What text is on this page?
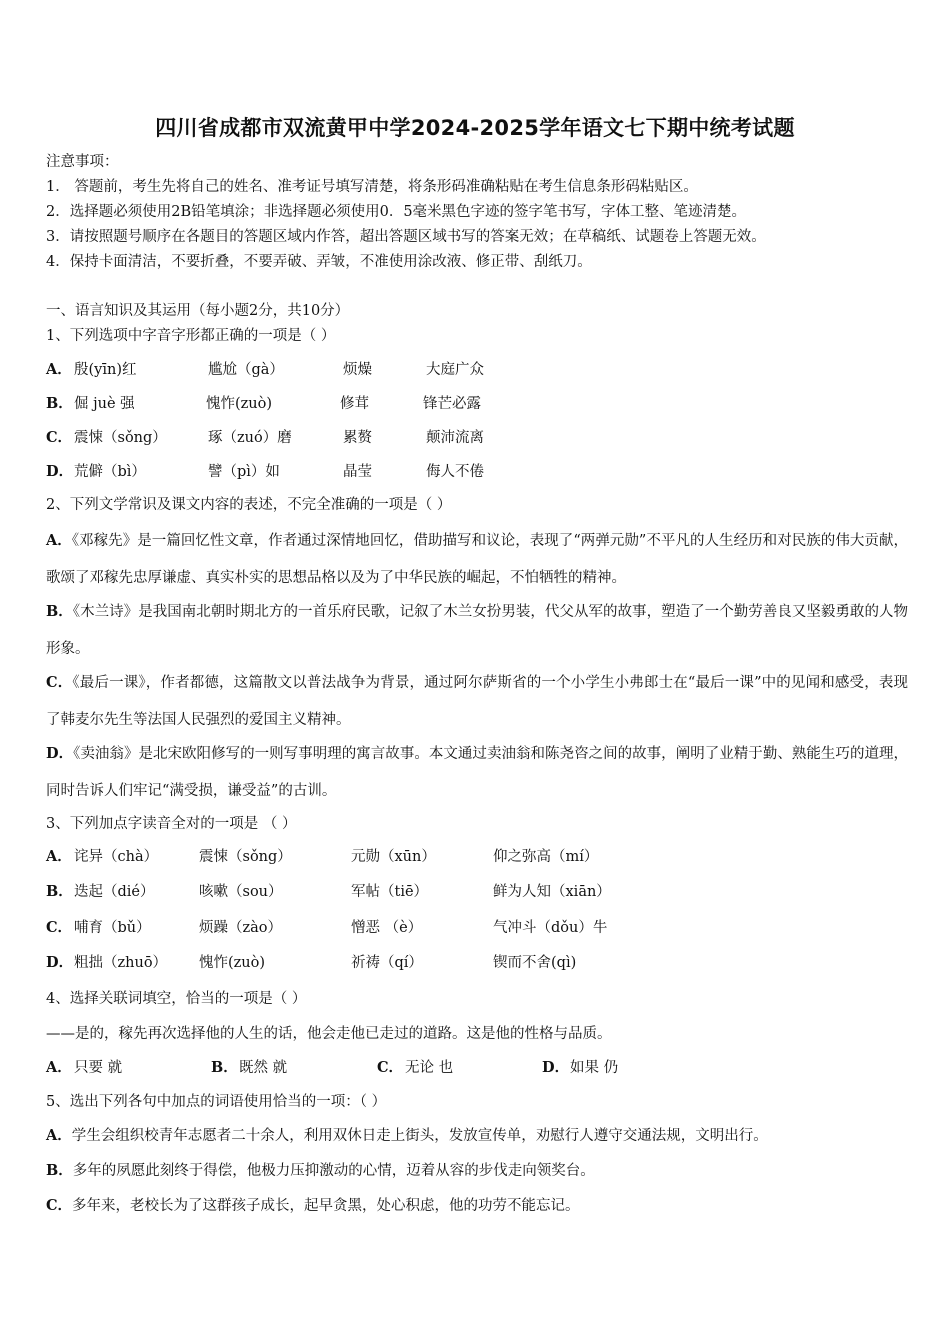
四川省成都市双流黄甲中学2024-2025学年语文七下期中统考试题
注意事项：
1． 答题前，考生先将自己的姓名、准考证号填写清楚，将条形码准确粘贴在考生信息条形码粘贴区。
2．选择题必须使用2B铅笔填涂；非选择题必须使用0．5毫米黑色字迹的签字笔书写，字体工整、笔迹清楚。
3．请按照题号顺序在各题目的答题区域内作答，超出答题区域书写的答案无效；在草稿纸、试题卷上答题无效。
4．保持卡面清洁，不要折叠，不要弄破、弄皱，不准使用涂改液、修正带、刮纸刀。
一、语言知识及其运用（每小题2分，共10分）
1、下列选项中字音字形都正确的一项是（ ）
A． 殷(yīn)红	尴尬（gà）	烦燥	大庭广众
B． 倔 juè 强	愧怍(zuò)	修茸	锋芒必露
C． 震悚（sǒng）	琢（zuó）磨	累赘	颠沛流离
D． 荒僻（bì）	譬（pì）如	晶莹	侮人不倦
2、下列文学常识及课文内容的表述，不完全准确的一项是（ ）
A．《邓稼先》是一篇回忆性文章，作者通过深情地回忆，借助描写和议论，表现了“两弹元勋”不平凡的人生经历和对民族的伟大贡献，歌颂了邓稼先忠厚谦虚、真实朴实的思想品格以及为了中华民族的崛起，不怕牺牲的精神。
B．《木兰诗》是我国南北朝时期北方的一首乐府民歌，记叙了木兰女扮男装，代父从军的故事，塑造了一个勤劳善良又坚毅勇敢的人物形象。
C．《最后一课》，作者都德，这篇散文以普法战争为背景，通过阿尔萨斯省的一个小学生小弗郎士在“最后一课”中的见闻和感受，表现了韩麦尔先生等法国人民强烈的爱国主义精神。
D．《卖油翁》是北宋欧阳修写的一则写事明理的寓言故事。本文通过卖油翁和陈尧咨之间的故事，阐明了业精于勤、熟能生巧的道理，同时告诉人们牢记“满受损，谦受益”的古训。
3、下列加点字读音全对的一项是 （ ）
A． 诧异（chà）	震悚（sǒng）	元勋（xūn）	仰之弥高（mí）
B． 迭起（dié）	咳嗽（sou）	军帖（tiē）	鲜为人知（xiān）
C． 哺育（bǔ）	烦躁（zào）	憎恶 （è）	气冲斗（dǒu）牛
D． 粗拙（zhuō） 愧怍(zuò)	祈祷（qí）	锲而不舍(qì)
4、选择关联词填空，恰当的一项是（ ）
——是的，稼先再次选择他的人生的话，他会走他已走过的道路。这是他的性格与品质。
A． 只要 就	B． 既然 就	C． 无论 也	D． 如果 仍
5、选出下列各句中加点的词语使用恰当的一项：（ ）
A．学生会组织校青年志愿者二十余人，利用双休日走上街头，发放宣传单，劝慰行人遵守交通法规，文明出行。
B．多年的夙愿此刻终于得偿，他极力压抑激动的心情，迈着从容的步伐走向领奖台。
C．多年来，老校长为了这群孩子成长，起早贪黑，处心积虑，他的功劳不能忘记。
